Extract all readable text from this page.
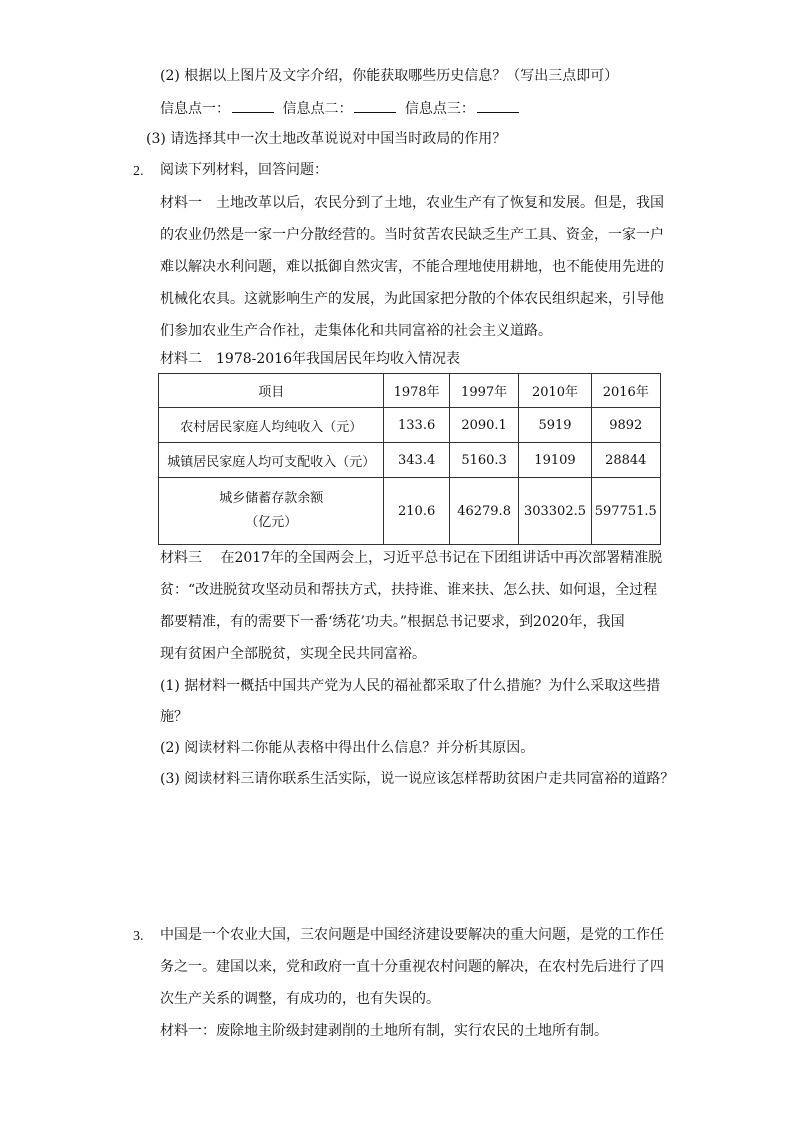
(2) 根据以上图片及文字介绍，你能获取哪些历史信息？（写出三点即可）
信息点一：	信息点二：	信息点三：
(3) 请选择其中一次土地改革说说对中国当时政局的作用？
2. 阅读下列材料，回答问题：
材料一　土地改革以后，农民分到了土地，农业生产有了恢复和发展。但是，我国
的农业仍然是一家一户分散经营的。当时贫苦农民缺乏生产工具、资金，一家一户
难以解决水利问题，难以抵御自然灾害，不能合理地使用耕地，也不能使用先进的
机械化农具。这就影响生产的发展，为此国家把分散的个体农民组织起来，引导他
们参加农业生产合作社，走集体化和共同富裕的社会主义道路。
材料二　1978-2016年我国居民年均收入情况表
项目	1978年	1997年	2010年	2016年
农村居民家庭人均纯收入（元）	133.6	2090.1	5919	9892
城镇居民家庭人均可支配收入（元）	343.4	5160.3	19109	28844

城乡储蓄存款余额
（亿元）	210.6	46279.8	303302.5	597751.5
材料三　 在2017年的全国两会上，习近平总书记在下团组讲话中再次部署精准脱
贫：“改进脱贫攻坚动员和帮扶方式，扶持谁、谁来扶、怎么扶、如何退，全过程
都要精准，有的需要下一番‘绣花’功夫。”根据总书记要求，到2020年，我国
现有贫困户全部脱贫，实现全民共同富裕。
(1) 据材料一概括中国共产党为人民的福祉都采取了什么措施？为什么采取这些措
施？
(2) 阅读材料二你能从表格中得出什么信息？并分析其原因。
(3) 阅读材料三请你联系生活实际，说一说应该怎样帮助贫困户走共同富裕的道路？
3. 中国是一个农业大国，三农问题是中国经济建设要解决的重大问题，是党的工作任
务之一。建国以来，党和政府一直十分重视农村问题的解决，在农村先后进行了四
次生产关系的调整，有成功的，也有失误的。
材料一：废除地主阶级封建剥削的土地所有制，实行农民的土地所有制。
